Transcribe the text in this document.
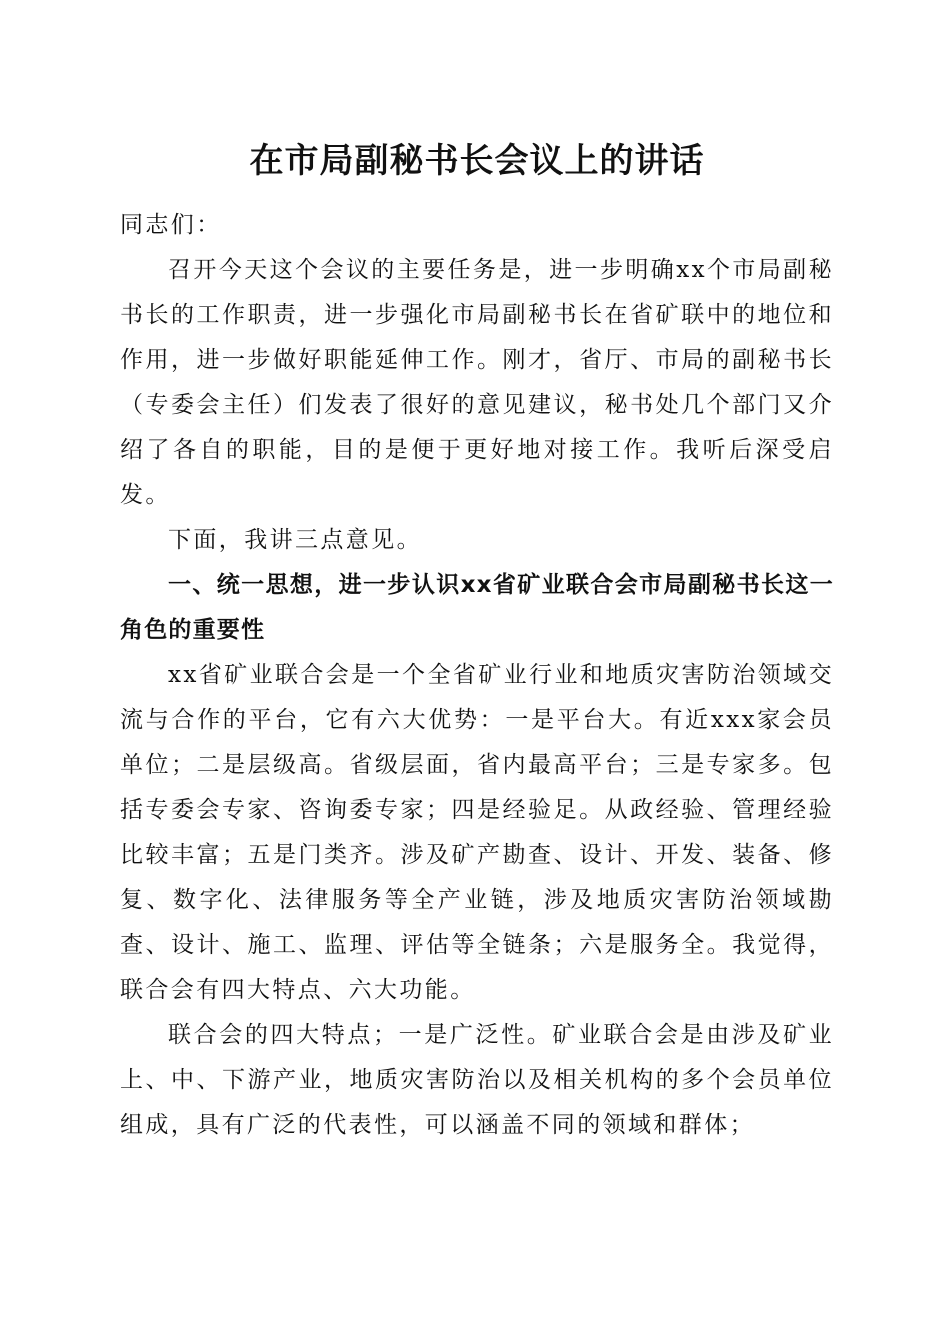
在市局副秘书长会议上的讲话

同志们：

召开今天这个会议的主要任务是，进一步明确xx个市局副秘书长的工作职责，进一步强化市局副秘书长在省矿联中的地位和作用，进一步做好职能延伸工作。刚才，省厅、市局的副秘书长（专委会主任）们发表了很好的意见建议，秘书处几个部门又介绍了各自的职能，目的是便于更好地对接工作。我听后深受启发。

下面，我讲三点意见。

一、统一思想，进一步认识xx省矿业联合会市局副秘书长这一角色的重要性

xx省矿业联合会是一个全省矿业行业和地质灾害防治领域交流与合作的平台，它有六大优势：一是平台大。有近xxx家会员单位；二是层级高。省级层面，省内最高平台；三是专家多。包括专委会专家、咨询委专家；四是经验足。从政经验、管理经验比较丰富；五是门类齐。涉及矿产勘查、设计、开发、装备、修复、数字化、法律服务等全产业链，涉及地质灾害防治领域勘查、设计、施工、监理、评估等全链条；六是服务全。我觉得，联合会有四大特点、六大功能。

联合会的四大特点；一是广泛性。矿业联合会是由涉及矿业上、中、下游产业，地质灾害防治以及相关机构的多个会员单位组成，具有广泛的代表性，可以涵盖不同的领域和群体；
